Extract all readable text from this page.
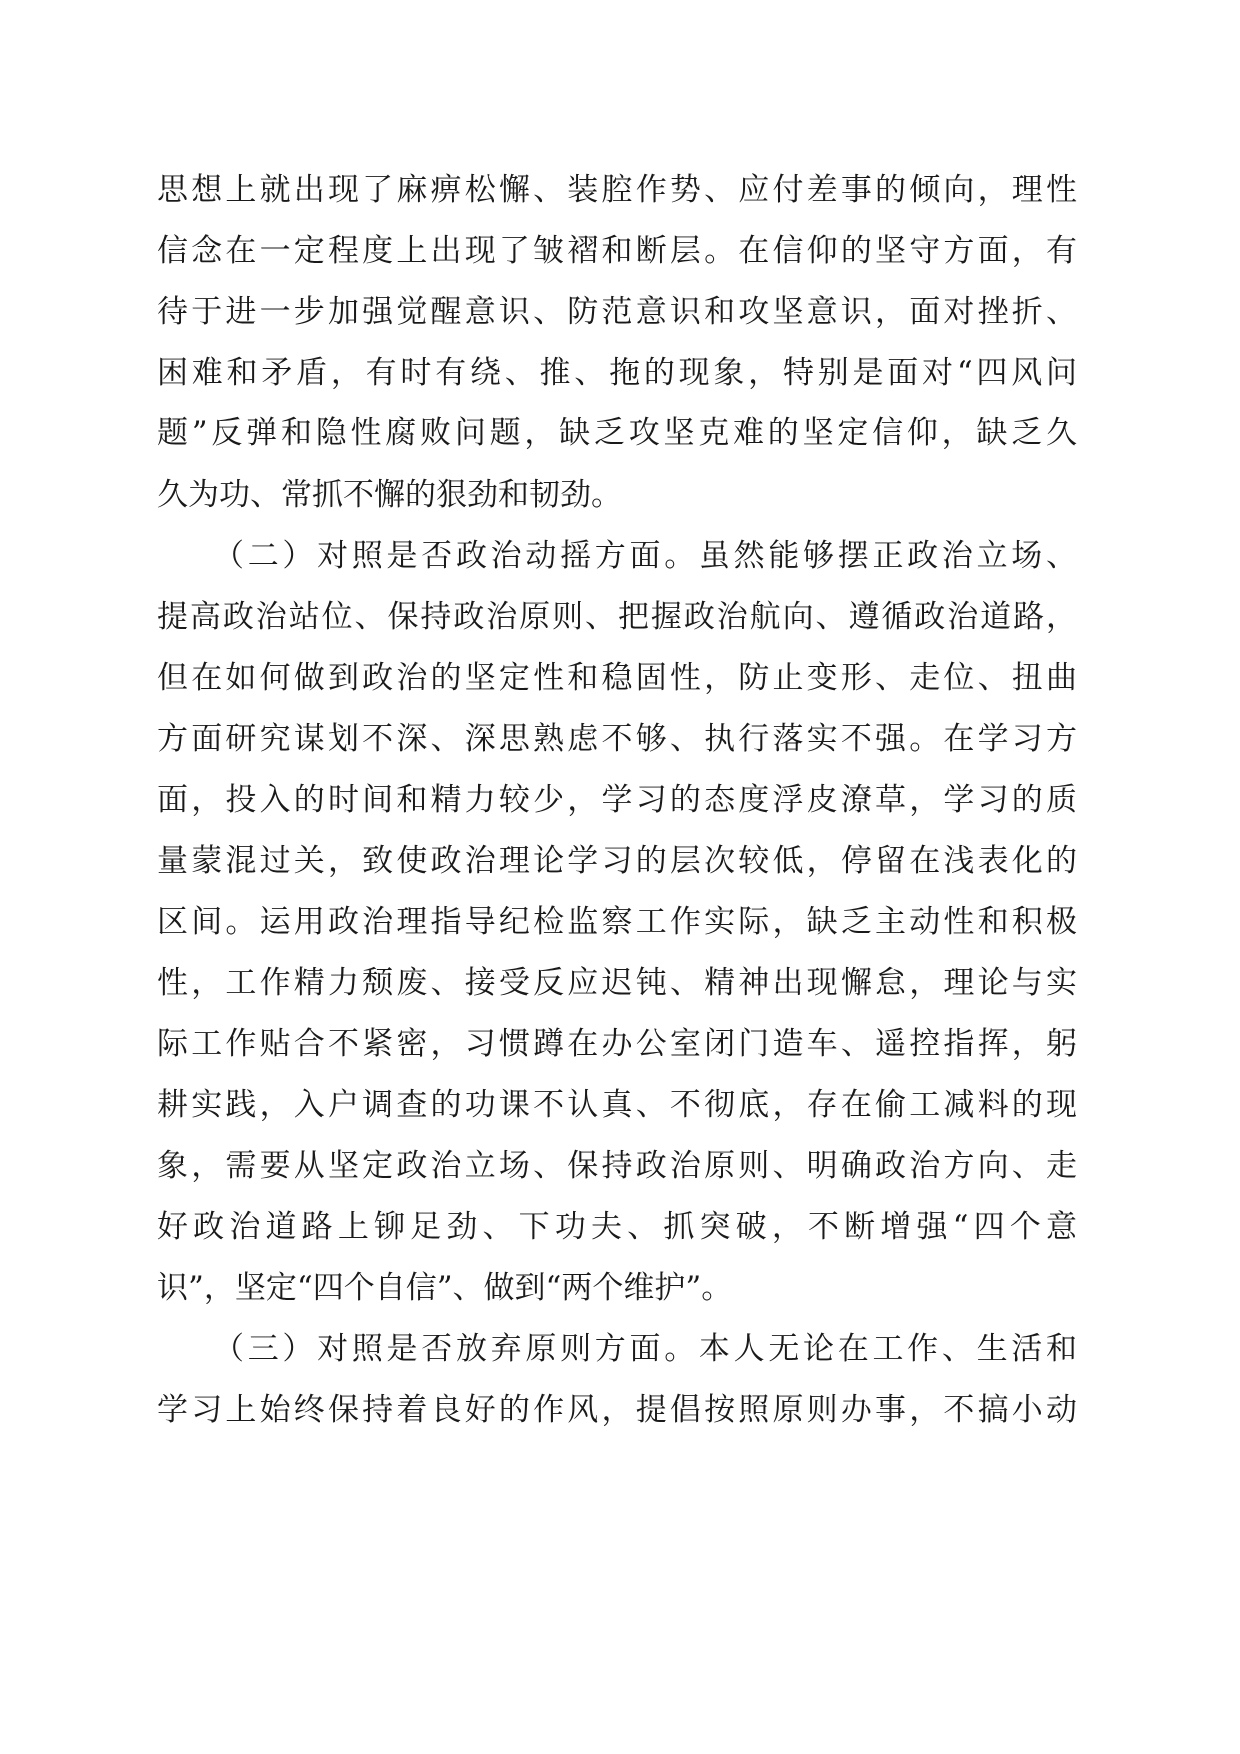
思想上就出现了麻痹松懈、装腔作势、应付差事的倾向，理性
信念在一定程度上出现了皱褶和断层。在信仰的坚守方面，有
待于进一步加强觉醒意识、防范意识和攻坚意识，面对挫折、
困难和矛盾，有时有绕、推、拖的现象，特别是面对“四风问
题”反弹和隐性腐败问题，缺乏攻坚克难的坚定信仰，缺乏久
久为功、常抓不懈的狠劲和韧劲。
（二）对照是否政治动摇方面。虽然能够摆正政治立场、
提高政治站位、保持政治原则、把握政治航向、遵循政治道路，
但在如何做到政治的坚定性和稳固性，防止变形、走位、扭曲
方面研究谋划不深、深思熟虑不够、执行落实不强。在学习方
面，投入的时间和精力较少，学习的态度浮皮潦草，学习的质
量蒙混过关，致使政治理论学习的层次较低，停留在浅表化的
区间。运用政治理指导纪检监察工作实际，缺乏主动性和积极
性，工作精力颓废、接受反应迟钝、精神出现懈怠，理论与实
际工作贴合不紧密，习惯蹲在办公室闭门造车、遥控指挥，躬
耕实践，入户调查的功课不认真、不彻底，存在偷工减料的现
象，需要从坚定政治立场、保持政治原则、明确政治方向、走
好政治道路上铆足劲、下功夫、抓突破，不断增强“四个意
识”，坚定“四个自信”、做到“两个维护”。
（三）对照是否放弃原则方面。本人无论在工作、生活和
学习上始终保持着良好的作风，提倡按照原则办事，不搞小动
